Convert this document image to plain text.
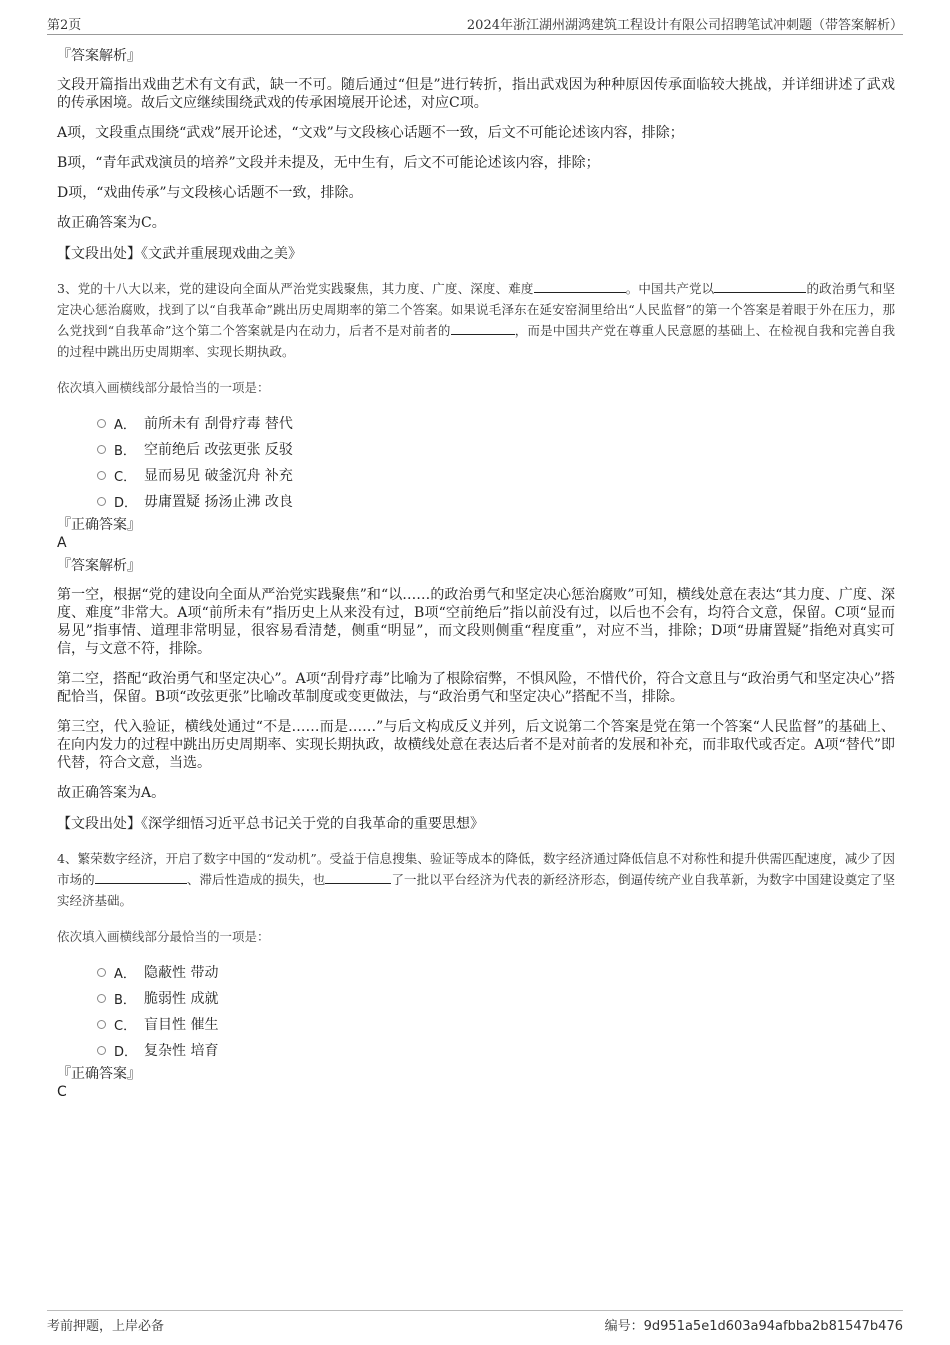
第2页	2024年浙江湖州湖鸿建筑工程设计有限公司招聘笔试冲刺题（带答案解析）
『答案解析』

文段开篇指出戏曲艺术有文有武，缺一不可。随后通过“但是”进行转折，指出武戏因为种种原因传承面临较大挑战，并详细讲述了武戏的传承困境。故后文应继续围绕武戏的传承困境展开论述，对应C项。

A项，文段重点围绕“武戏”展开论述，“文戏”与文段核心话题不一致，后文不可能论述该内容，排除；

B项，“青年武戏演员的培养”文段并未提及，无中生有，后文不可能论述该内容，排除；

D项，“戏曲传承”与文段核心话题不一致，排除。

故正确答案为C。

【文段出处】《文武并重展现戏曲之美》

3、党的十八大以来，党的建设向全面从严治党实践聚焦，其力度、广度、深度、难度	。中国共产党以	的政治勇气和坚定决心惩治腐败，找到了以“自我革命”跳出历史周期率的第二个答案。如果说毛泽东在延安窑洞里给出“人民监督”的第一个答案是着眼于外在压力，那么党找到“自我革命”这个第二个答案就是内在动力，后者不是对前者的	，而是中国共产党在尊重人民意愿的基础上、在检视自我和完善自我的过程中跳出历史周期率、实现长期执政。

依次填入画横线部分最恰当的一项是：
A． 前所未有 刮骨疗毒 替代
B． 空前绝后 改弦更张 反驳
C． 显而易见 破釜沉舟 补充
D． 毋庸置疑 扬汤止沸 改良
『正确答案』
A
『答案解析』

第一空，根据“党的建设向全面从严治党实践聚焦”和“以……的政治勇气和坚定决心惩治腐败”可知，横线处意在表达“其力度、广度、深度、难度”非常大。A项“前所未有”指历史上从来没有过，B项“空前绝后”指以前没有过，以后也不会有，均符合文意，保留。C项“显而易见”指事情、道理非常明显，很容易看清楚，侧重“明显”，而文段则侧重“程度重”，对应不当，排除；D项“毋庸置疑”指绝对真实可信，与文意不符，排除。

第二空，搭配“政治勇气和坚定决心”。A项“刮骨疗毒”比喻为了根除宿弊，不惧风险，不惜代价，符合文意且与“政治勇气和坚定决心”搭配恰当，保留。B项“改弦更张”比喻改革制度或变更做法，与“政治勇气和坚定决心”搭配不当，排除。

第三空，代入验证，横线处通过“不是……而是……”与后文构成反义并列，后文说第二个答案是党在第一个答案“人民监督”的基础上、在向内发力的过程中跳出历史周期率、实现长期执政，故横线处意在表达后者不是对前者的发展和补充，而非取代或否定。A项“替代”即代替，符合文意，当选。

故正确答案为A。

【文段出处】《深学细悟习近平总书记关于党的自我革命的重要思想》

4、繁荣数字经济，开启了数字中国的“发动机”。受益于信息搜集、验证等成本的降低，数字经济通过降低信息不对称性和提升供需匹配速度，减少了因市场的	、滞后性造成的损失，也	了一批以平台经济为代表的新经济形态，倒逼传统产业自我革新，为数字中国建设奠定了坚实经济基础。

依次填入画横线部分最恰当的一项是：
A． 隐蔽性 带动
B． 脆弱性 成就
C． 盲目性 催生
D． 复杂性 培育
『正确答案』
C
考前押题，上岸必备	编号：9d951a5e1d603a94afbba2b81547b476
